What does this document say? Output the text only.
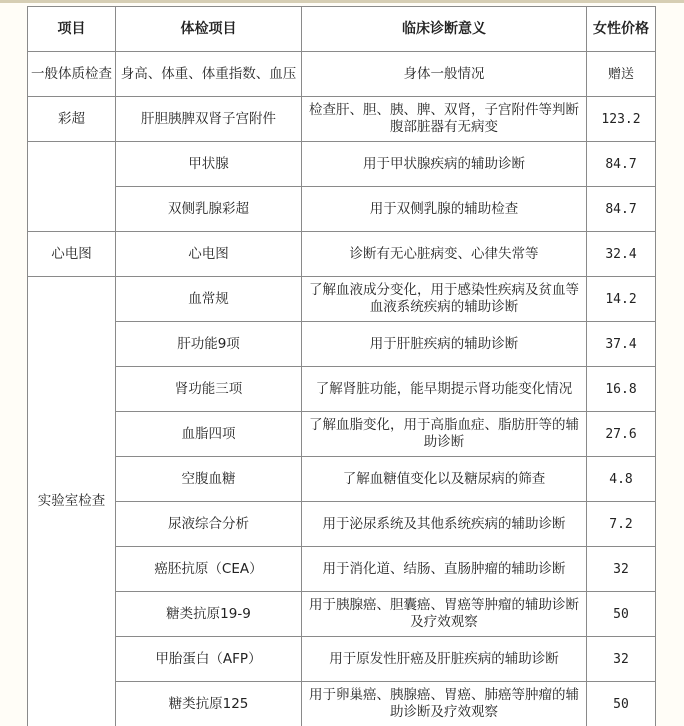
项目	体检项目	临床诊断意义	女性价格
一般体质检查	身高、体重、体重指数、血压	身体一般情况	赠送
彩超	肝胆胰脾双肾子宫附件	检查肝、胆、胰、脾、双肾，子宫附件等判断腹部脏器有无病变	123.2
	甲状腺	用于甲状腺疾病的辅助诊断	84.7
	双侧乳腺彩超	用于双侧乳腺的辅助检查	84.7
心电图	心电图	诊断有无心脏病变、心律失常等	32.4
实验室检查	血常规	了解血液成分变化，用于感染性疾病及贫血等血液系统疾病的辅助诊断	14.2
	肝功能9项	用于肝脏疾病的辅助诊断	37.4
	肾功能三项	了解肾脏功能，能早期提示肾功能变化情况	16.8
	血脂四项	了解血脂变化，用于高脂血症、脂肪肝等的辅助诊断	27.6
	空腹血糖	了解血糖值变化以及糖尿病的筛查	4.8
	尿液综合分析	用于泌尿系统及其他系统疾病的辅助诊断	7.2
	癌胚抗原（CEA）	用于消化道、结肠、直肠肿瘤的辅助诊断	32
	糖类抗原19-9	用于胰腺癌、胆囊癌、胃癌等肿瘤的辅助诊断及疗效观察	50
	甲胎蛋白（AFP）	用于原发性肝癌及肝脏疾病的辅助诊断	32
	糖类抗原125	用于卵巢癌、胰腺癌、胃癌、肺癌等肿瘤的辅助诊断及疗效观察	50
